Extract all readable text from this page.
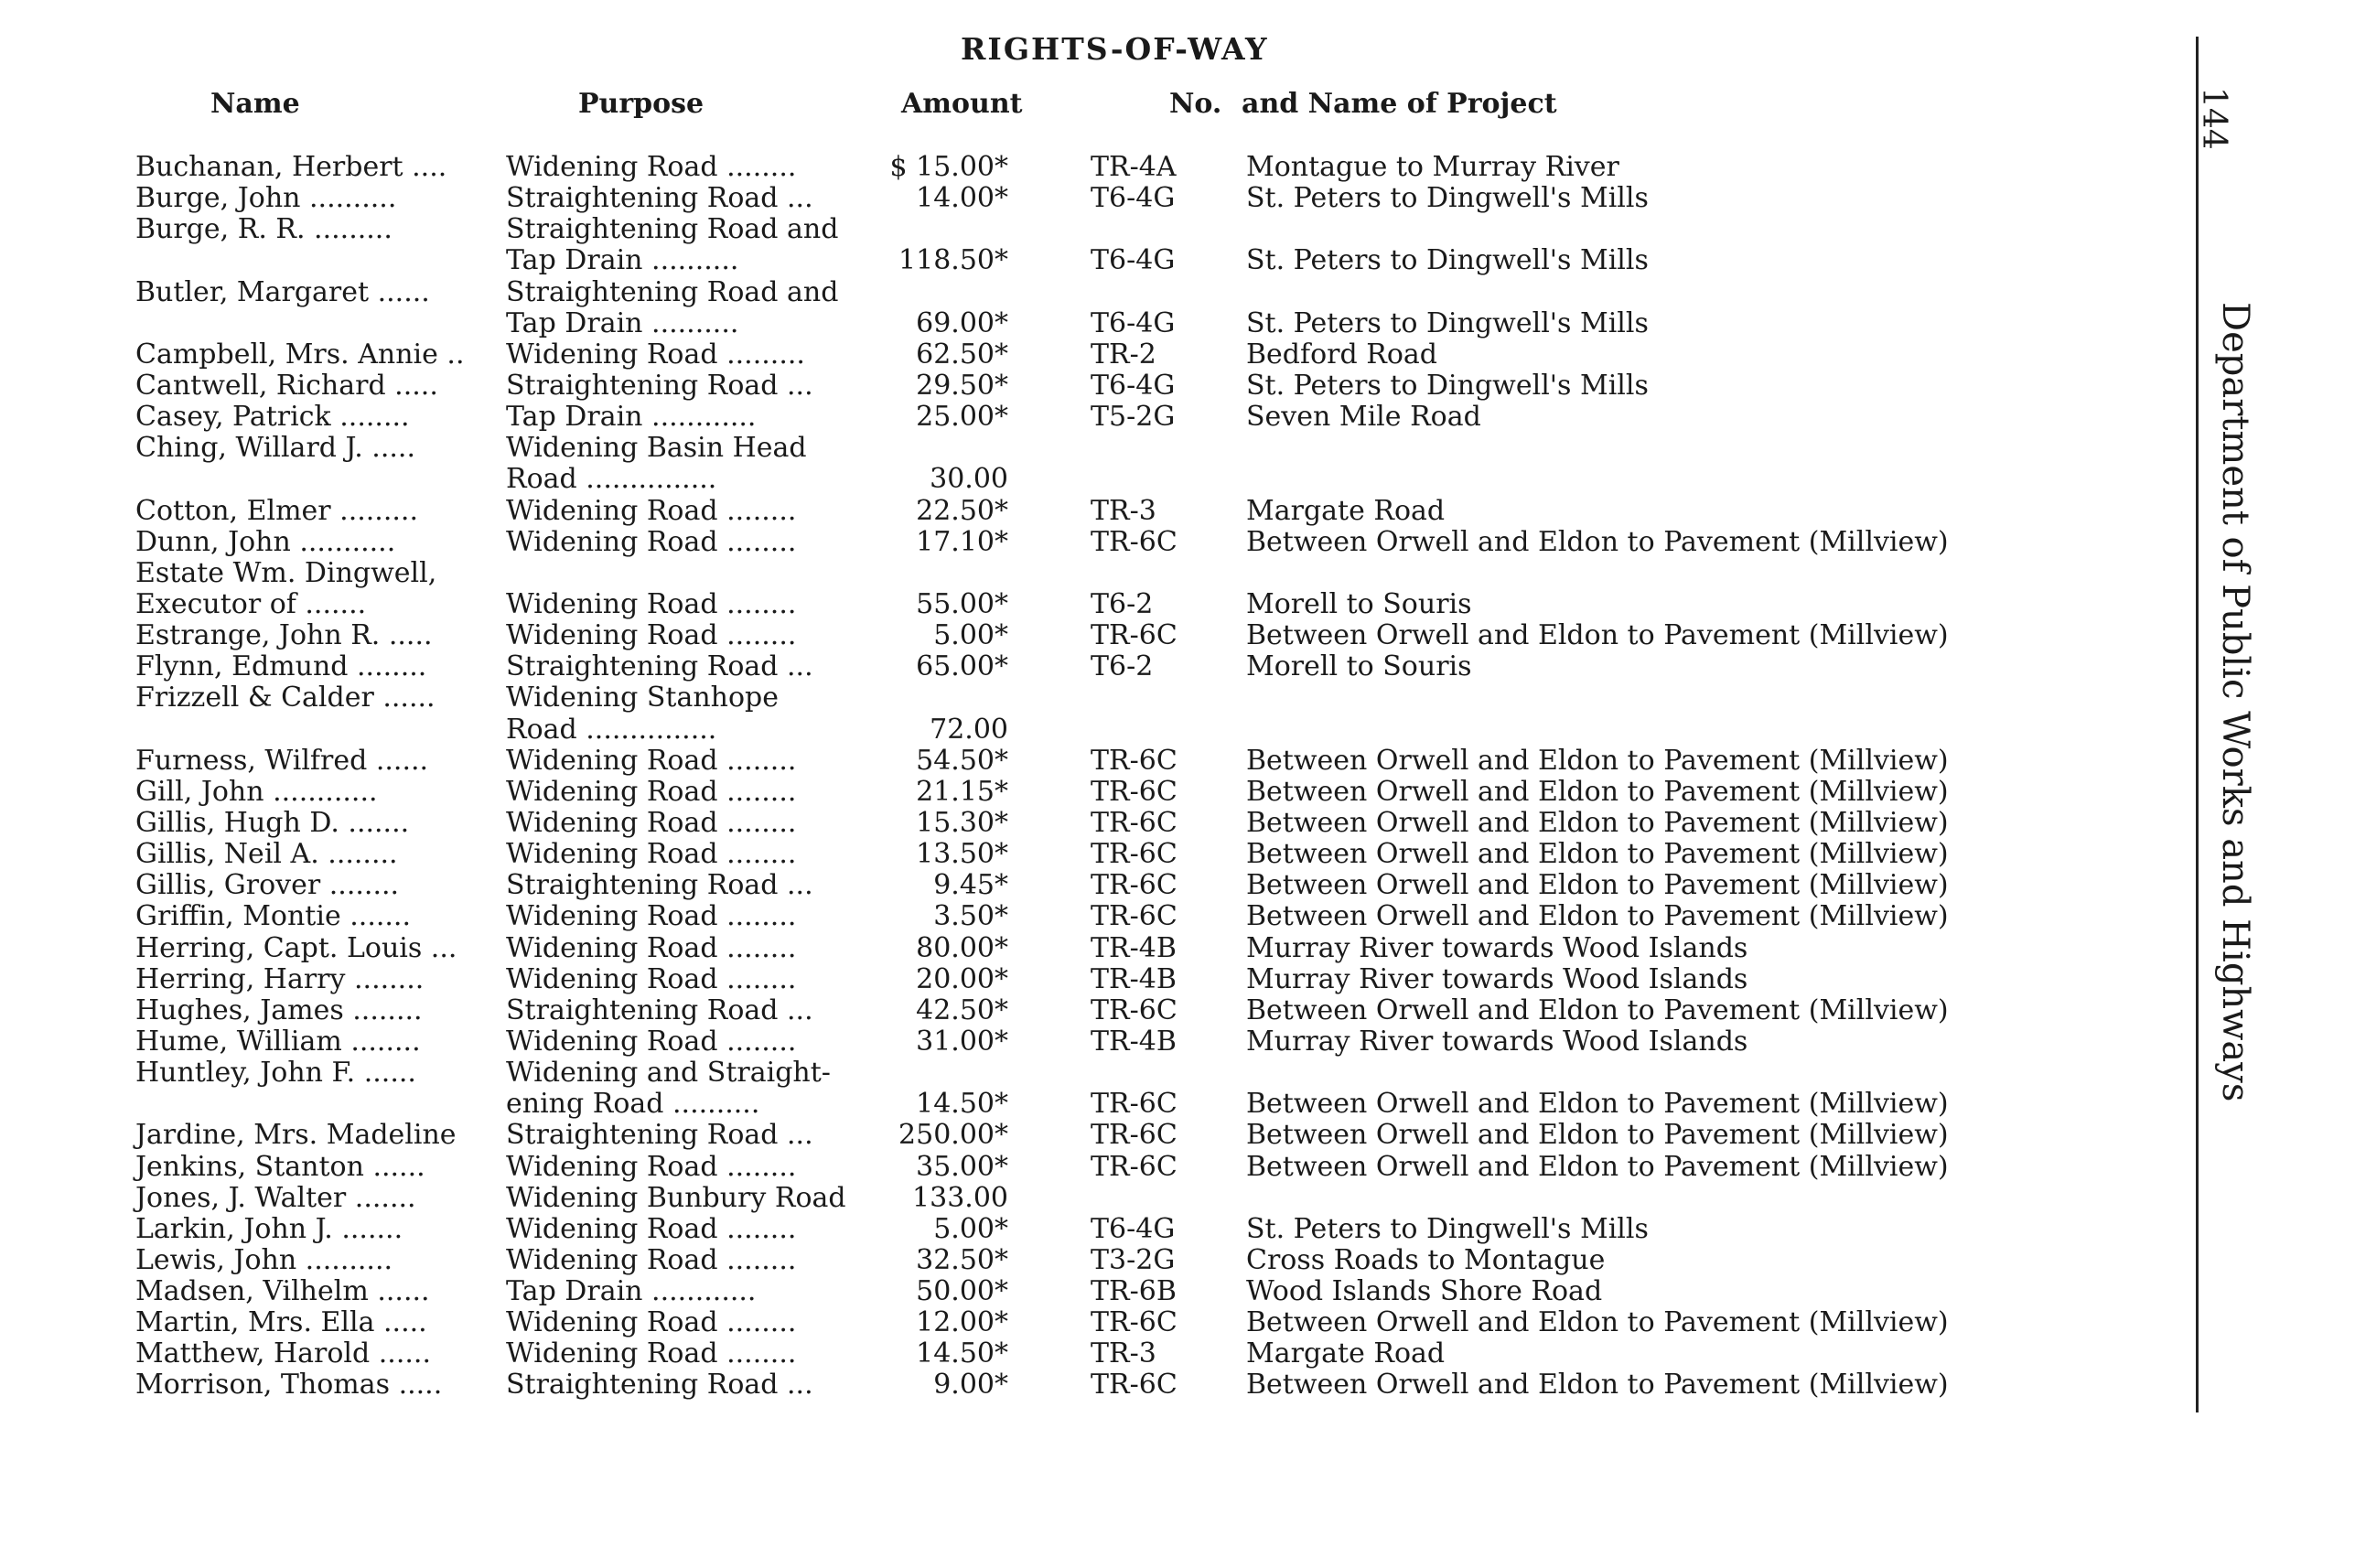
RIGHTS-OF-WAY
Name	Purpose	Amount	No. and Name of Project
Buchanan, Herbert .... Widening Road ........	$ 15.00*	TR-4A	Montague to Murray River
Burge, John ..........	Straightening Road ...	14.00*	T6-4G	St. Peters to Dingwell's Mills
Burge, R. R. .........	Straightening Road and
Tap Drain ..........	118.50*	T6-4G	St. Peters to Dingwell's Mills
Butler, Margaret ......	Straightening Road and
Tap Drain ..........	69.00*	T6-4G	St. Peters to Dingwell's Mills
Campbell, Mrs. Annie .. Widening Road .........	62.50*	TR-2	Bedford Road
Cantwell, Richard ..... Straightening Road ...	29.50*	T6-4G	St. Peters to Dingwell's Mills
Casey, Patrick ........	Tap Drain ............	25.00*	T5-2G	Seven Mile Road
Ching, Willard J. .....	Widening Basin Head
Road ...............	30.00
Cotton, Elmer .........	Widening Road ........	22.50*	TR-3	Margate Road
Dunn, John ...........	Widening Road ........	17.10*	TR-6C	Between Orwell and Eldon to Pavement (Millview)
Estate Wm. Dingwell,
Executor of .......	Widening Road ........	55.00*	T6-2	Morell to Souris
Estrange, John R. .....	Widening Road ........	5.00*	TR-6C	Between Orwell and Eldon to Pavement (Millview)
Flynn, Edmund ........	Straightening Road ...	65.00*	T6-2	Morell to Souris
Frizzell & Calder ......	Widening Stanhope
Road ...............	72.00
Furness, Wilfred ......	Widening Road ........	54.50*	TR-6C	Between Orwell and Eldon to Pavement (Millview)
Gill, John ............	Widening Road ........	21.15*	TR-6C	Between Orwell and Eldon to Pavement (Millview)
Gillis, Hugh D. .......	Widening Road ........	15.30*	TR-6C	Between Orwell and Eldon to Pavement (Millview)
Gillis, Neil A. ........	Widening Road ........	13.50*	TR-6C	Between Orwell and Eldon to Pavement (Millview)
Gillis, Grover ........	Straightening Road ...	9.45*	TR-6C	Between Orwell and Eldon to Pavement (Millview)
Griffin, Montie .......	Widening Road ........	3.50*	TR-6C	Between Orwell and Eldon to Pavement (Millview)
Herring, Capt. Louis ... Widening Road ........	80.00*	TR-4B	Murray River towards Wood Islands
Herring, Harry ........	Widening Road ........	20.00*	TR-4B	Murray River towards Wood Islands
Hughes, James ........	Straightening Road ...	42.50*	TR-6C	Between Orwell and Eldon to Pavement (Millview)
Hume, William ........	Widening Road ........	31.00*	TR-4B	Murray River towards Wood Islands
Huntley, John F. ......	Widening and Straight-
ening Road ..........	14.50*	TR-6C	Between Orwell and Eldon to Pavement (Millview)
Jardine, Mrs. Madeline Straightening Road ...	250.00*	TR-6C	Between Orwell and Eldon to Pavement (Millview)
Jenkins, Stanton ......	Widening Road ........	35.00*	TR-6C	Between Orwell and Eldon to Pavement (Millview)
Jones, J. Walter .......	Widening Bunbury Road	133.00
Larkin, John J. .......	Widening Road ........	5.00*	T6-4G	St. Peters to Dingwell's Mills
Lewis, John ..........	Widening Road ........	32.50*	T3-2G	Cross Roads to Montague
Madsen, Vilhelm ......	Tap Drain ............	50.00*	TR-6B	Wood Islands Shore Road
Martin, Mrs. Ella .....	Widening Road ........	12.00*	TR-6C	Between Orwell and Eldon to Pavement (Millview)
Matthew, Harold ......	Widening Road ........	14.50*	TR-3	Margate Road
Morrison, Thomas ..... Straightening Road ...	9.00*	TR-6C	Between Orwell and Eldon to Pavement (Millview)
144
Department of Public Works and Highways
